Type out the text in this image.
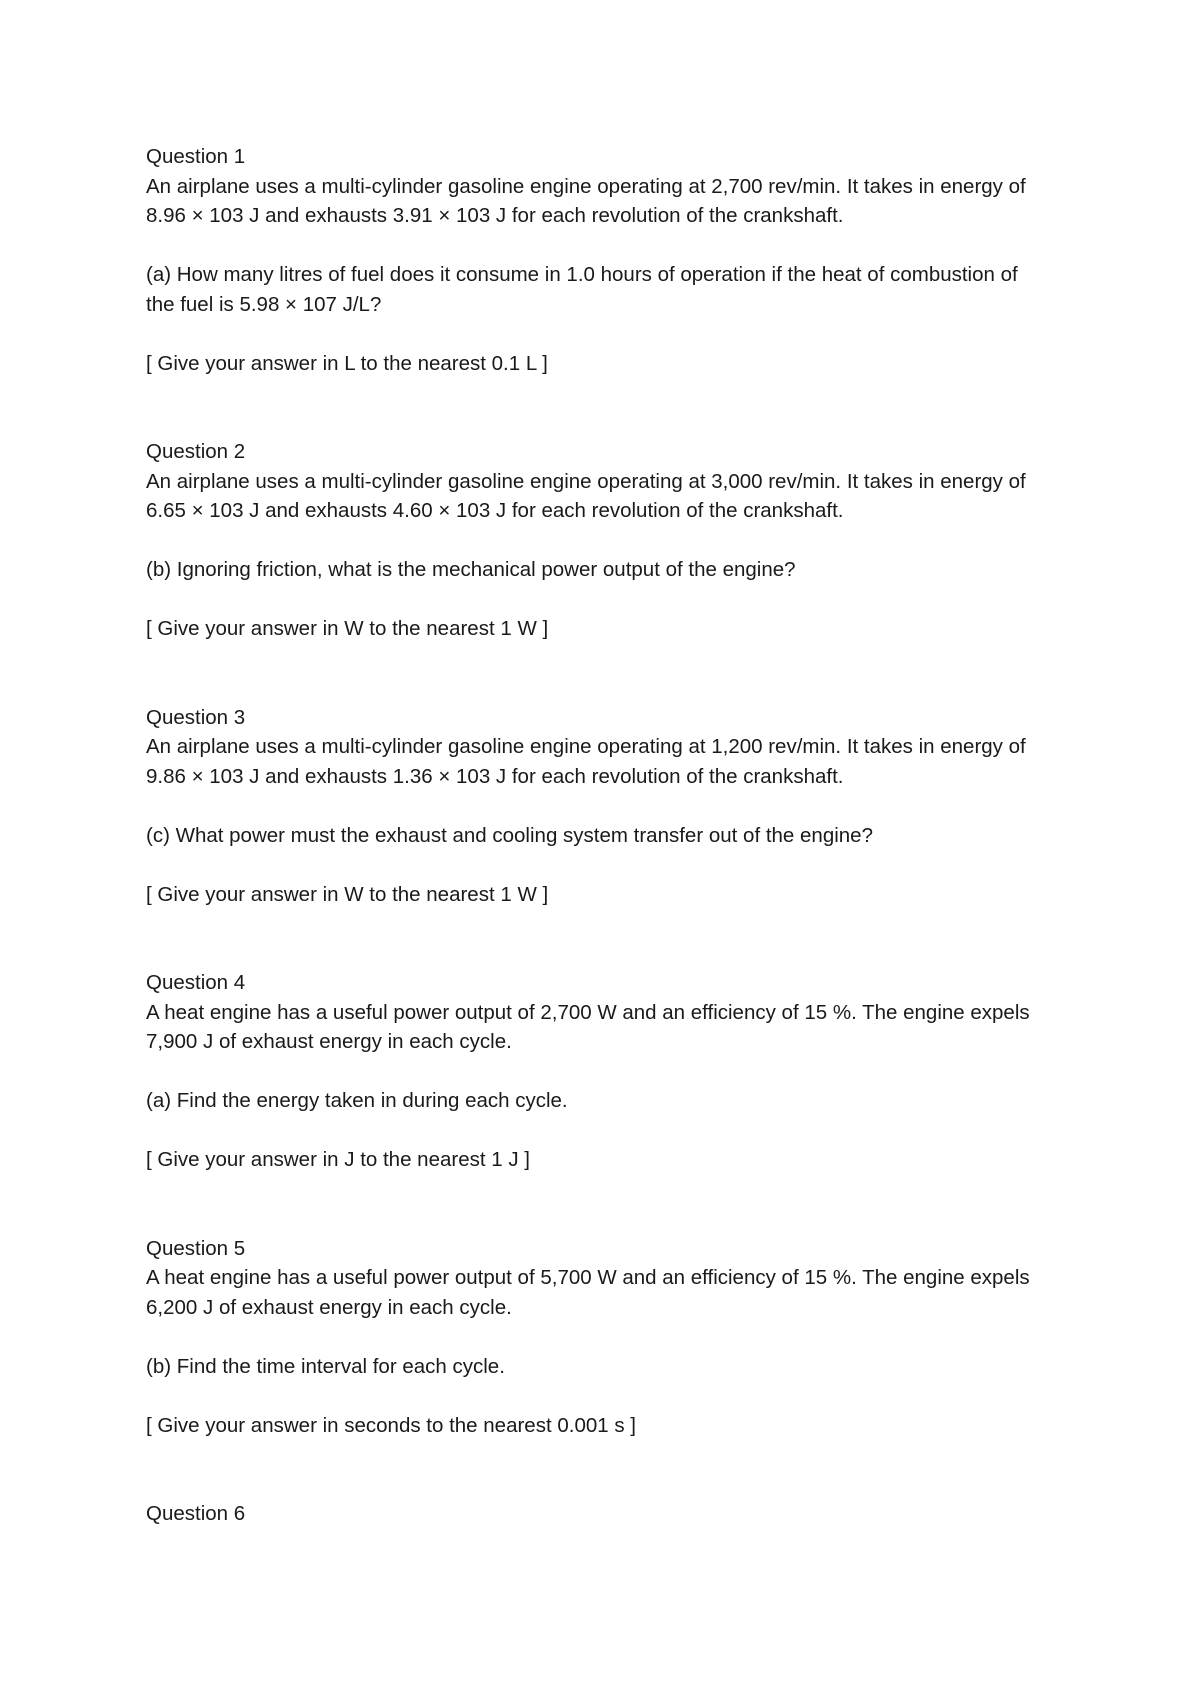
Question 1
An airplane uses a multi-cylinder gasoline engine operating at 2,700 rev/min. It takes in energy of 8.96 × 103 J and exhausts 3.91 × 103 J for each revolution of the crankshaft.
(a) How many litres of fuel does it consume in 1.0 hours of operation if the heat of combustion of the fuel is 5.98 × 107 J/L?
[ Give your answer in L to the nearest 0.1 L ]
Question 2
An airplane uses a multi-cylinder gasoline engine operating at 3,000 rev/min. It takes in energy of 6.65 × 103 J and exhausts 4.60 × 103 J for each revolution of the crankshaft.
(b) Ignoring friction, what is the mechanical power output of the engine?
[ Give your answer in W to the nearest 1 W ]
Question 3
An airplane uses a multi-cylinder gasoline engine operating at 1,200 rev/min. It takes in energy of 9.86 × 103 J and exhausts 1.36 × 103 J for each revolution of the crankshaft.
(c) What power must the exhaust and cooling system transfer out of the engine?
[ Give your answer in W to the nearest 1 W ]
Question 4
A heat engine has a useful power output of 2,700 W and an efficiency of 15 %. The engine expels 7,900 J of exhaust energy in each cycle.
(a) Find the energy taken in during each cycle.
[ Give your answer in J to the nearest 1 J ]
Question 5
A heat engine has a useful power output of 5,700 W and an efficiency of 15 %. The engine expels 6,200 J of exhaust energy in each cycle.
(b) Find the time interval for each cycle.
[ Give your answer in seconds to the nearest 0.001 s ]
Question 6
